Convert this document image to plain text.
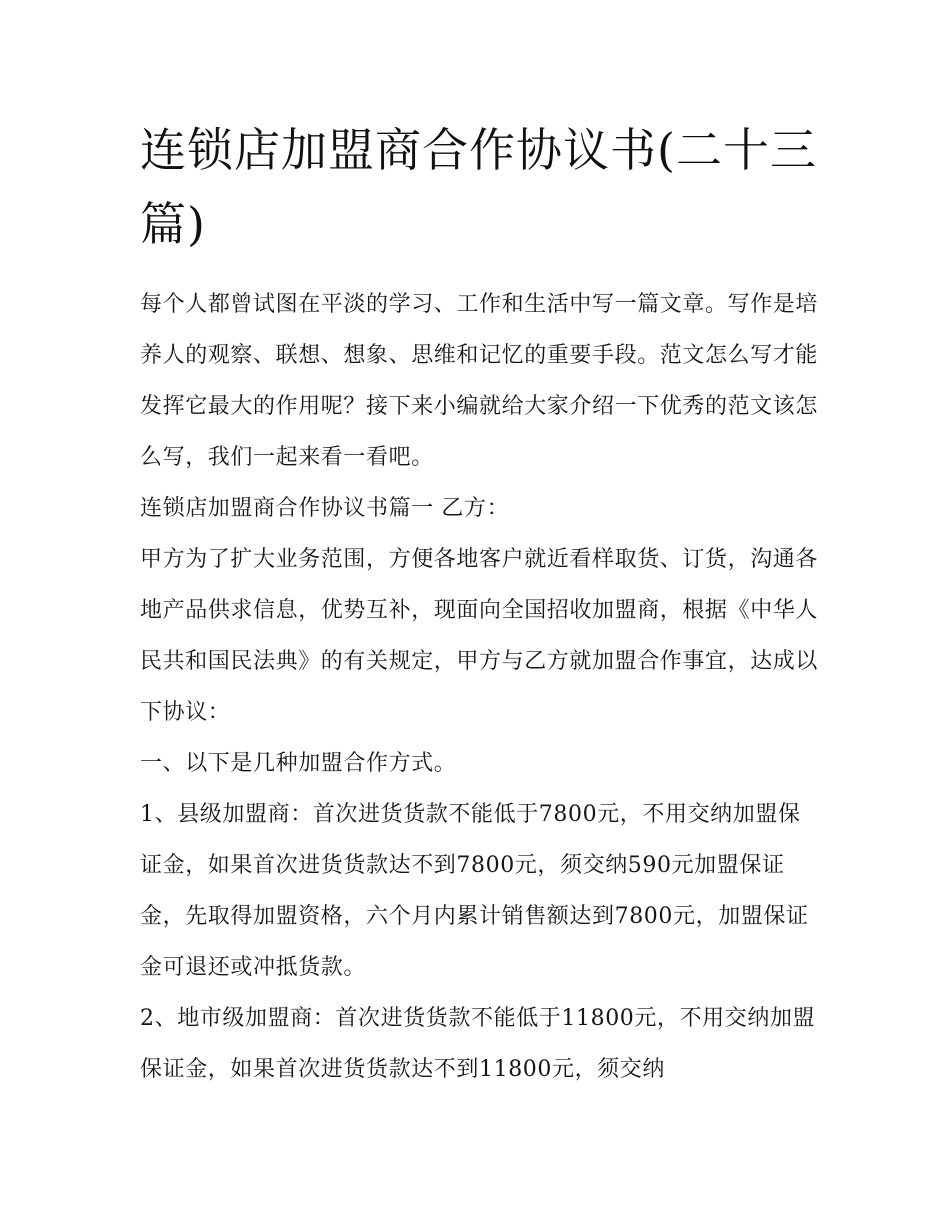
连锁店加盟商合作协议书(二十三篇)

每个人都曾试图在平淡的学习、工作和生活中写一篇文章。写作是培养人的观察、联想、想象、思维和记忆的重要手段。范文怎么写才能发挥它最大的作用呢？接下来小编就给大家介绍一下优秀的范文该怎么写，我们一起来看一看吧。

连锁店加盟商合作协议书篇一 乙方：

甲方为了扩大业务范围，方便各地客户就近看样取货、订货，沟通各地产品供求信息，优势互补，现面向全国招收加盟商，根据《中华人民共和国民法典》的有关规定，甲方与乙方就加盟合作事宜，达成以下协议：

一、以下是几种加盟合作方式。

1、县级加盟商：首次进货货款不能低于7800元，不用交纳加盟保证金，如果首次进货货款达不到7800元，须交纳590元加盟保证金，先取得加盟资格，六个月内累计销售额达到7800元，加盟保证金可退还或冲抵货款。

2、地市级加盟商：首次进货货款不能低于11800元，不用交纳加盟保证金，如果首次进货货款达不到11800元，须交纳
